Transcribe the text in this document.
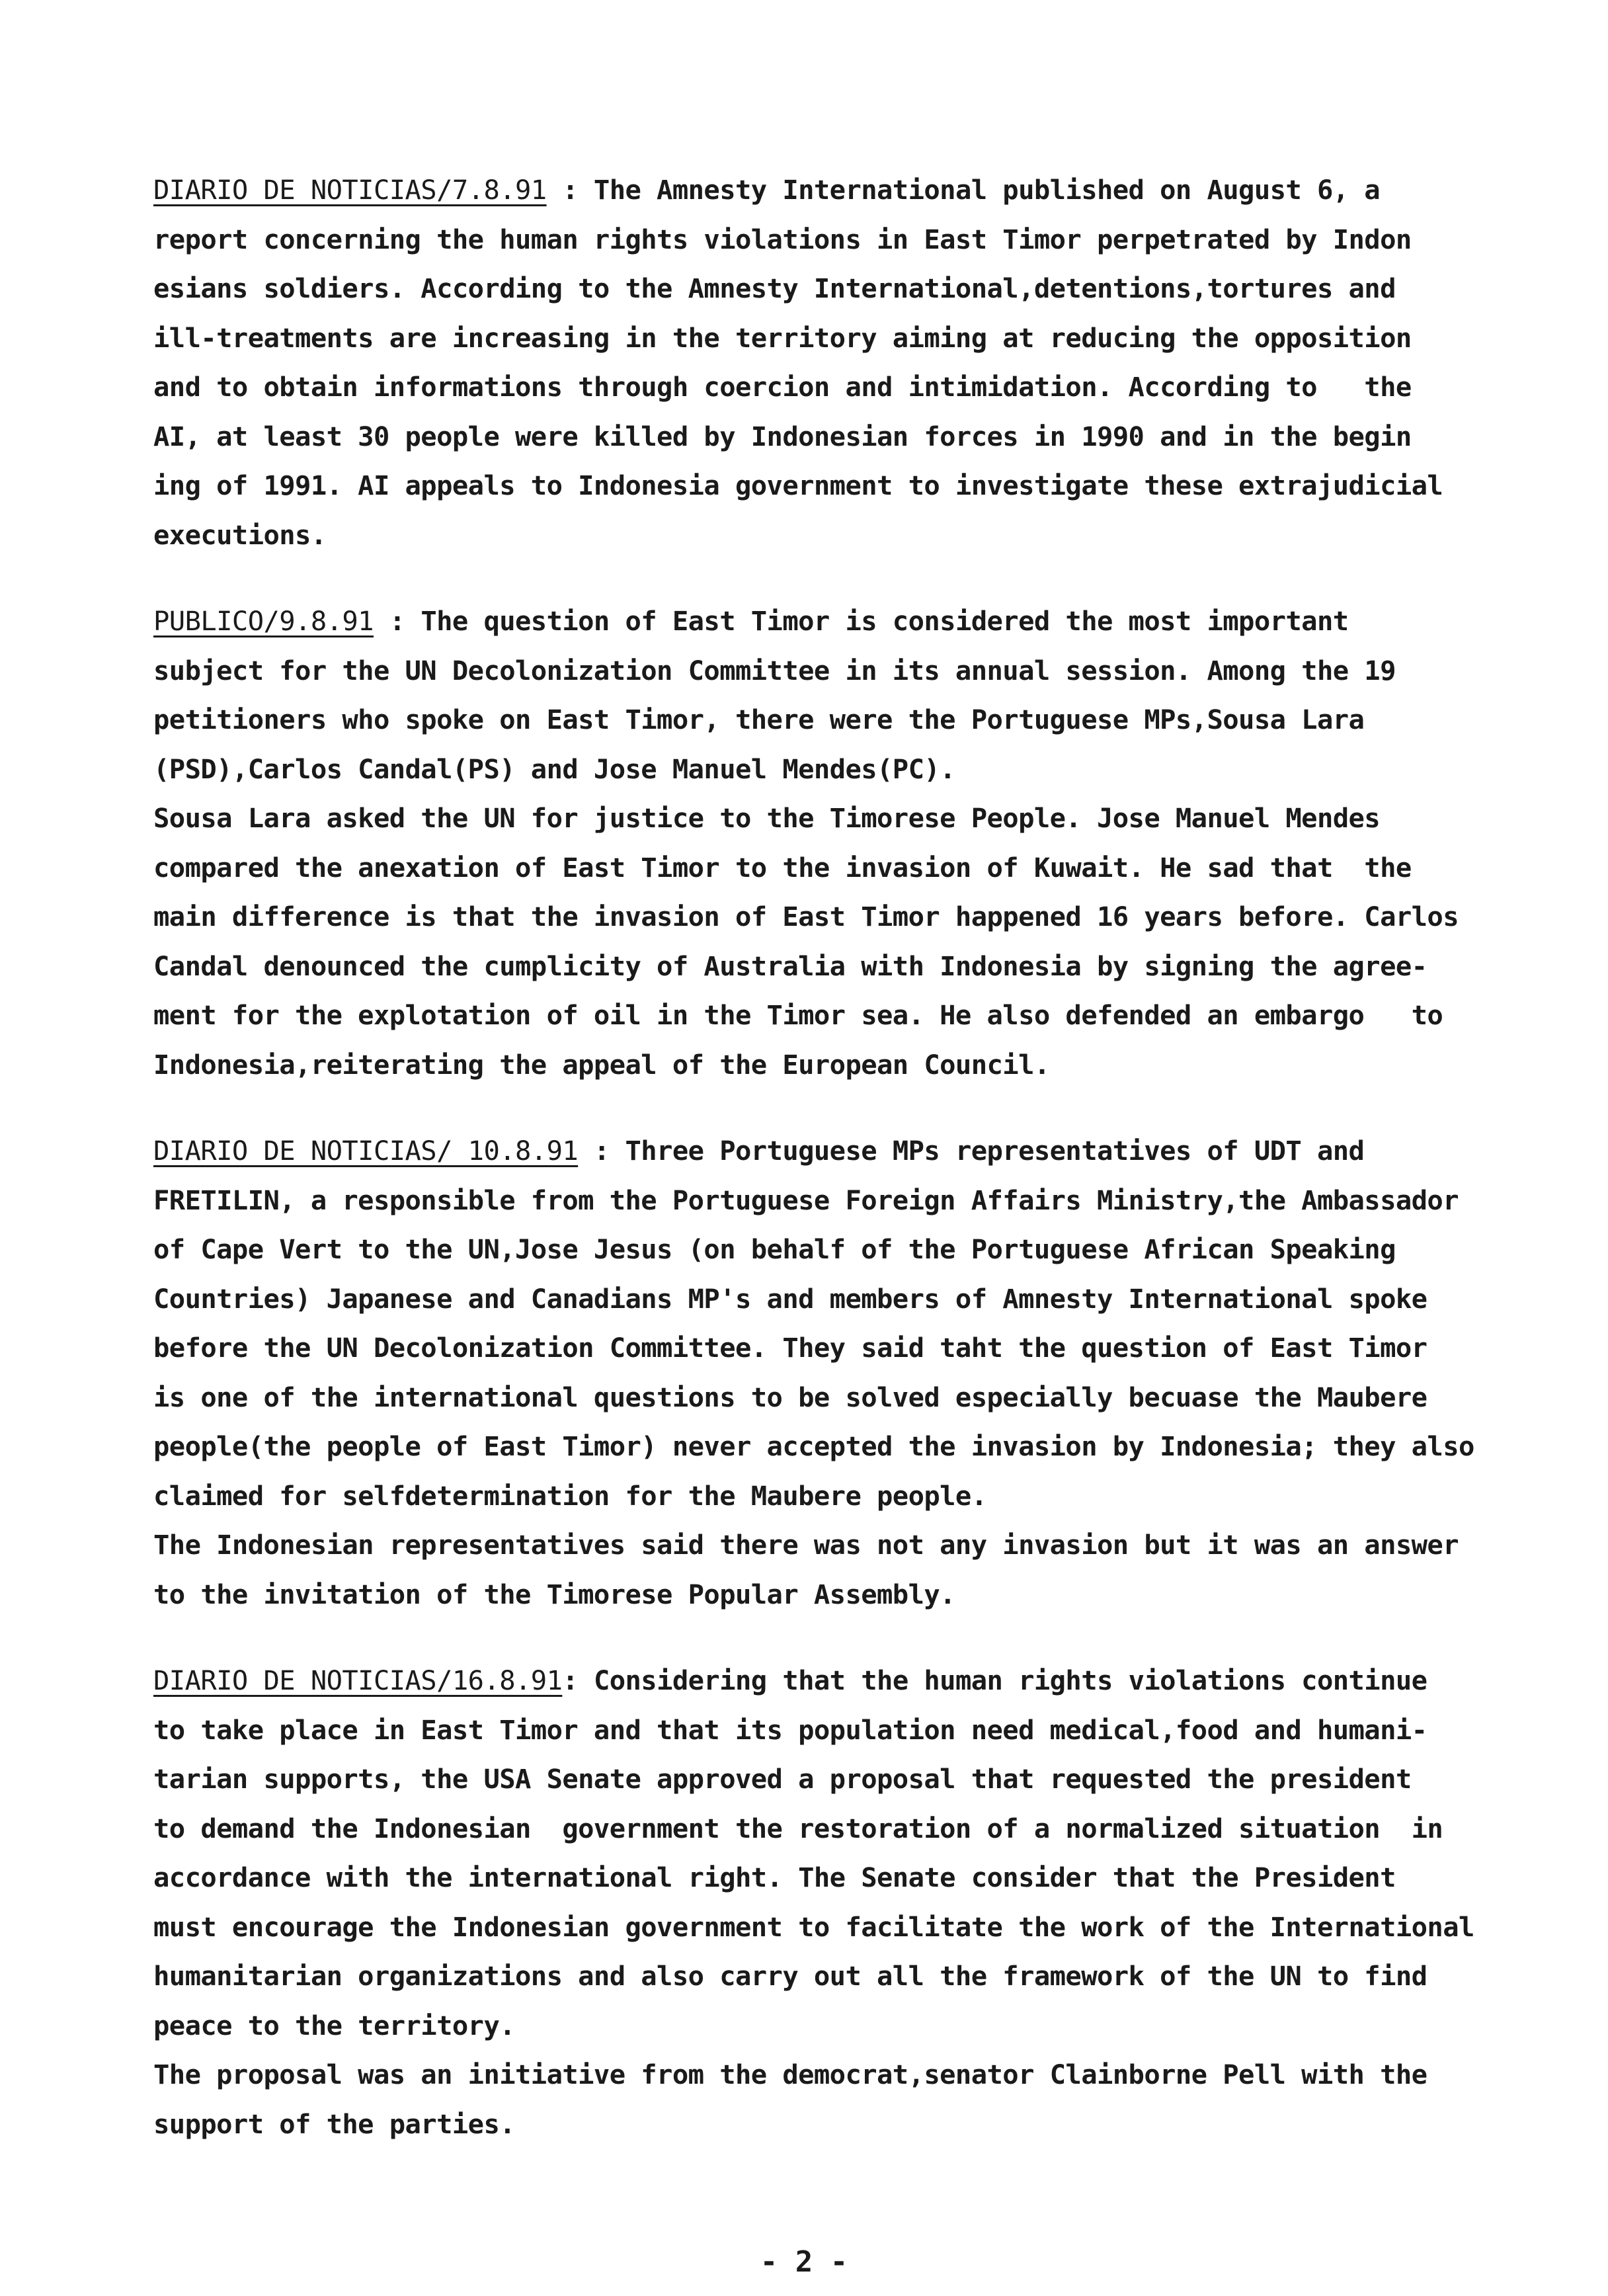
DIARIO DE NOTICIAS/7.8.91 : The Amnesty International published on August 6, a
report concerning the human rights violations in East Timor perpetrated by Indon
esians soldiers. According to the Amnesty International,detentions,tortures and
ill-treatments are increasing in the territory aiming at reducing the opposition
and to obtain informations through coercion and intimidation. According to   the
AI, at least 30 people were killed by Indonesian forces in 1990 and in the begin
ing of 1991. AI appeals to Indonesia government to investigate these extrajudicial
executions.
PUBLICO/9.8.91 : The question of East Timor is considered the most important
subject for the UN Decolonization Committee in its annual session. Among the 19
petitioners who spoke on East Timor, there were the Portuguese MPs,Sousa Lara
(PSD),Carlos Candal(PS) and Jose Manuel Mendes(PC).
Sousa Lara asked the UN for justice to the Timorese People. Jose Manuel Mendes
compared the anexation of East Timor to the invasion of Kuwait. He sad that  the
main difference is that the invasion of East Timor happened 16 years before. Carlos
Candal denounced the cumplicity of Australia with Indonesia by signing the agree-
ment for the explotation of oil in the Timor sea. He also defended an embargo   to
Indonesia,reiterating the appeal of the European Council.
DIARIO DE NOTICIAS/ 10.8.91 : Three Portuguese MPs representatives of UDT and
FRETILIN, a responsible from the Portuguese Foreign Affairs Ministry,the Ambassador
of Cape Vert to the UN,Jose Jesus (on behalf of the Portuguese African Speaking
Countries) Japanese and Canadians MP's and members of Amnesty International spoke
before the UN Decolonization Committee. They said taht the question of East Timor
is one of the international questions to be solved especially becuase the Maubere
people(the people of East Timor) never accepted the invasion by Indonesia; they also
claimed for selfdetermination for the Maubere people.
The Indonesian representatives said there was not any invasion but it was an answer
to the invitation of the Timorese Popular Assembly.
DIARIO DE NOTICIAS/16.8.91: Considering that the human rights violations continue
to take place in East Timor and that its population need medical,food and humani-
tarian supports, the USA Senate approved a proposal that requested the president
to demand the Indonesian  government the restoration of a normalized situation  in
accordance with the international right. The Senate consider that the President
must encourage the Indonesian government to facilitate the work of the International
humanitarian organizations and also carry out all the framework of the UN to find
peace to the territory.
The proposal was an initiative from the democrat,senator Clainborne Pell with the
support of the parties.
- 2 -
